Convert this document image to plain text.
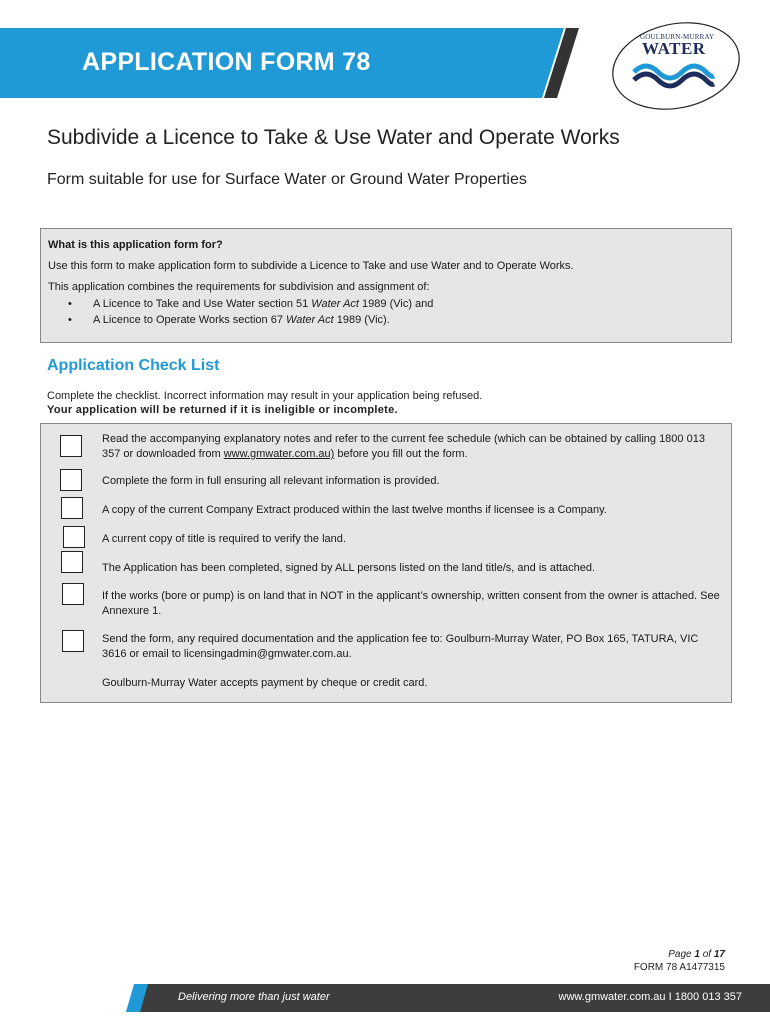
APPLICATION FORM 78
GOULBURN-MURRAY
WATER
Subdivide a Licence to Take & Use Water and Operate Works
Form suitable for use for Surface Water or Ground Water Properties
What is this application form for?

Use this form to make application form to subdivide a Licence to Take and use Water and to Operate Works.

This application combines the requirements for subdivision and assignment of:

• A Licence to Take and Use Water section 51 Water Act 1989 (Vic) and
• A Licence to Operate Works section 67 Water Act 1989 (Vic).
Application Check List
Complete the checklist. Incorrect information may result in your application being refused.
Your application will be returned if it is ineligible or incomplete.
Read the accompanying explanatory notes and refer to the current fee schedule (which can be obtained by calling 1800 013 357 or downloaded from www.gmwater.com.au) before you fill out the form.
Complete the form in full ensuring all relevant information is provided.
A copy of the current Company Extract produced within the last twelve months if licensee is a Company.
A current copy of title is required to verify the land.
The Application has been completed, signed by ALL persons listed on the land title/s, and is attached.
If the works (bore or pump) is on land that in NOT in the applicant’s ownership, written consent from the owner is attached. See Annexure 1.
Send the form, any required documentation and the application fee to: Goulburn-Murray Water, PO Box 165, TATURA, VIC 3616 or email to licensingadmin@gmwater.com.au.
Goulburn-Murray Water accepts payment by cheque or credit card.
Page 1 of 17
FORM 78 A1477315
Delivering more than just water	www.gmwater.com.au I 1800 013 357
